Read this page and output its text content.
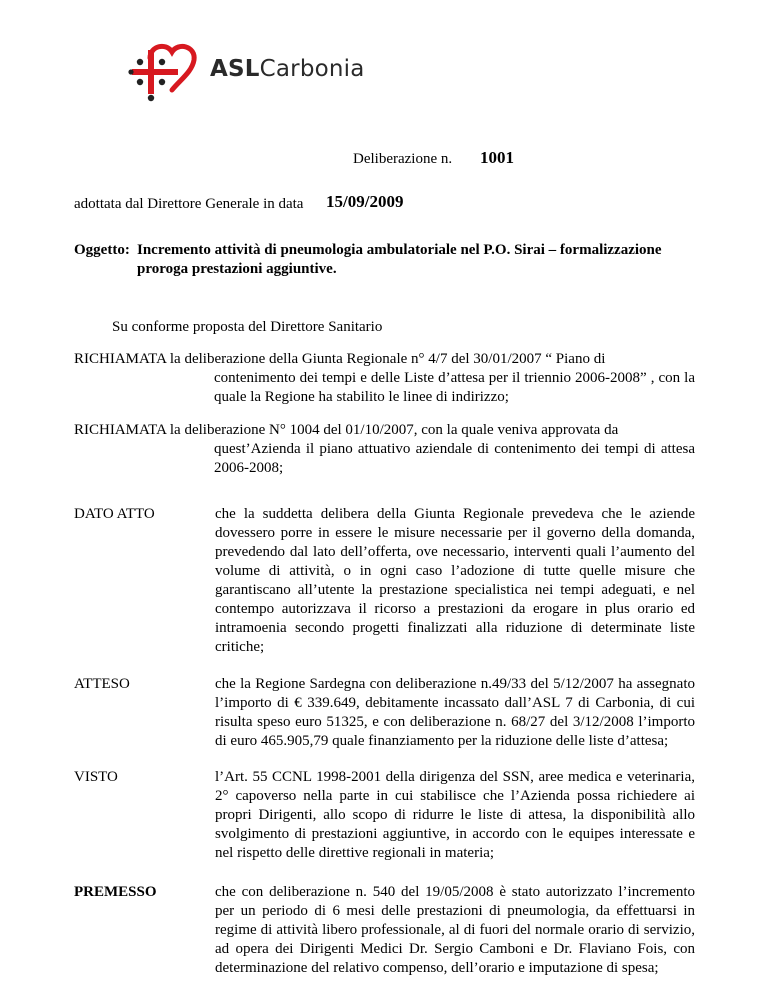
ASLCarbonia
Deliberazione n. 1001
adottata dal Direttore Generale in data 15/09/2009
Oggetto: Incremento attività di pneumologia ambulatoriale nel P.O. Sirai – formalizzazione
proroga prestazioni aggiuntive.
Su conforme proposta del Direttore Sanitario
RICHIAMATA la deliberazione della Giunta Regionale n° 4/7 del 30/01/2007 “ Piano di
contenimento dei tempi e delle Liste d’attesa per il triennio 2006-2008” , con la quale la Regione ha stabilito le linee di indirizzo;
RICHIAMATA la deliberazione N° 1004 del 01/10/2007, con la quale veniva approvata da
quest’Azienda il piano attuativo aziendale di contenimento dei tempi di attesa 2006-2008;
DATO ATTO	che la suddetta delibera della Giunta Regionale prevedeva che le aziende dovessero porre in essere le misure necessarie per il governo della domanda, prevedendo dal lato dell’offerta, ove necessario, interventi quali l’aumento del volume di attività, o in ogni caso l’adozione di tutte quelle misure che garantiscano all’utente la prestazione specialistica nei tempi adeguati, e nel contempo autorizzava il ricorso a prestazioni da erogare in plus orario ed intramoenia secondo progetti finalizzati alla riduzione di determinate liste critiche;
ATTESO	che la Regione Sardegna con deliberazione n.49/33 del 5/12/2007 ha assegnato l’importo di € 339.649, debitamente incassato dall’ASL 7 di Carbonia, di cui risulta speso euro 51325, e con deliberazione n. 68/27 del 3/12/2008 l’importo di euro 465.905,79 quale finanziamento per la riduzione delle liste d’attesa;
VISTO	l’Art. 55 CCNL 1998-2001 della dirigenza del SSN, aree medica e veterinaria, 2° capoverso nella parte in cui stabilisce che l’Azienda possa richiedere ai propri Dirigenti, allo scopo di ridurre le liste di attesa, la disponibilità allo svolgimento di prestazioni aggiuntive, in accordo con le equipes interessate e nel rispetto delle direttive regionali in materia;
PREMESSO	che con deliberazione n. 540 del 19/05/2008 è stato autorizzato l’incremento per un periodo di 6 mesi delle prestazioni di pneumologia, da effettuarsi in regime di attività libero professionale, al di fuori del normale orario di servizio, ad opera dei Dirigenti Medici Dr. Sergio Camboni e Dr. Flaviano Fois, con determinazione del relativo compenso, dell’orario e imputazione di spesa;
